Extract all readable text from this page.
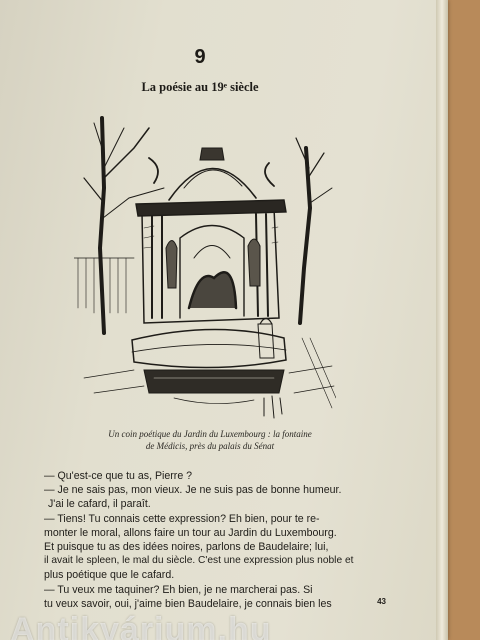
9
La poésie au 19ᵉ siècle
Un coin poétique du Jardin du Luxembourg : la fontaine
de Médicis, près du palais du Sénat
— Qu'est-ce que tu as, Pierre ?
— Je ne sais pas, mon vieux. Je ne suis pas de bonne humeur.
J'ai le cafard, il paraît.
— Tiens! Tu connais cette expression? Eh bien, pour te re-
monter le moral, allons faire un tour au Jardin du Luxembourg.
Et puisque tu as des idées noires, parlons de Baudelaire; lui,
il avait le spleen, le mal du siècle. C'est une expression plus noble et
plus poétique que le cafard.
— Tu veux me taquiner? Eh bien, je ne marcherai pas. Si
tu veux savoir, oui, j'aime bien Baudelaire, je connais bien les	43
Antikvárium.hu
